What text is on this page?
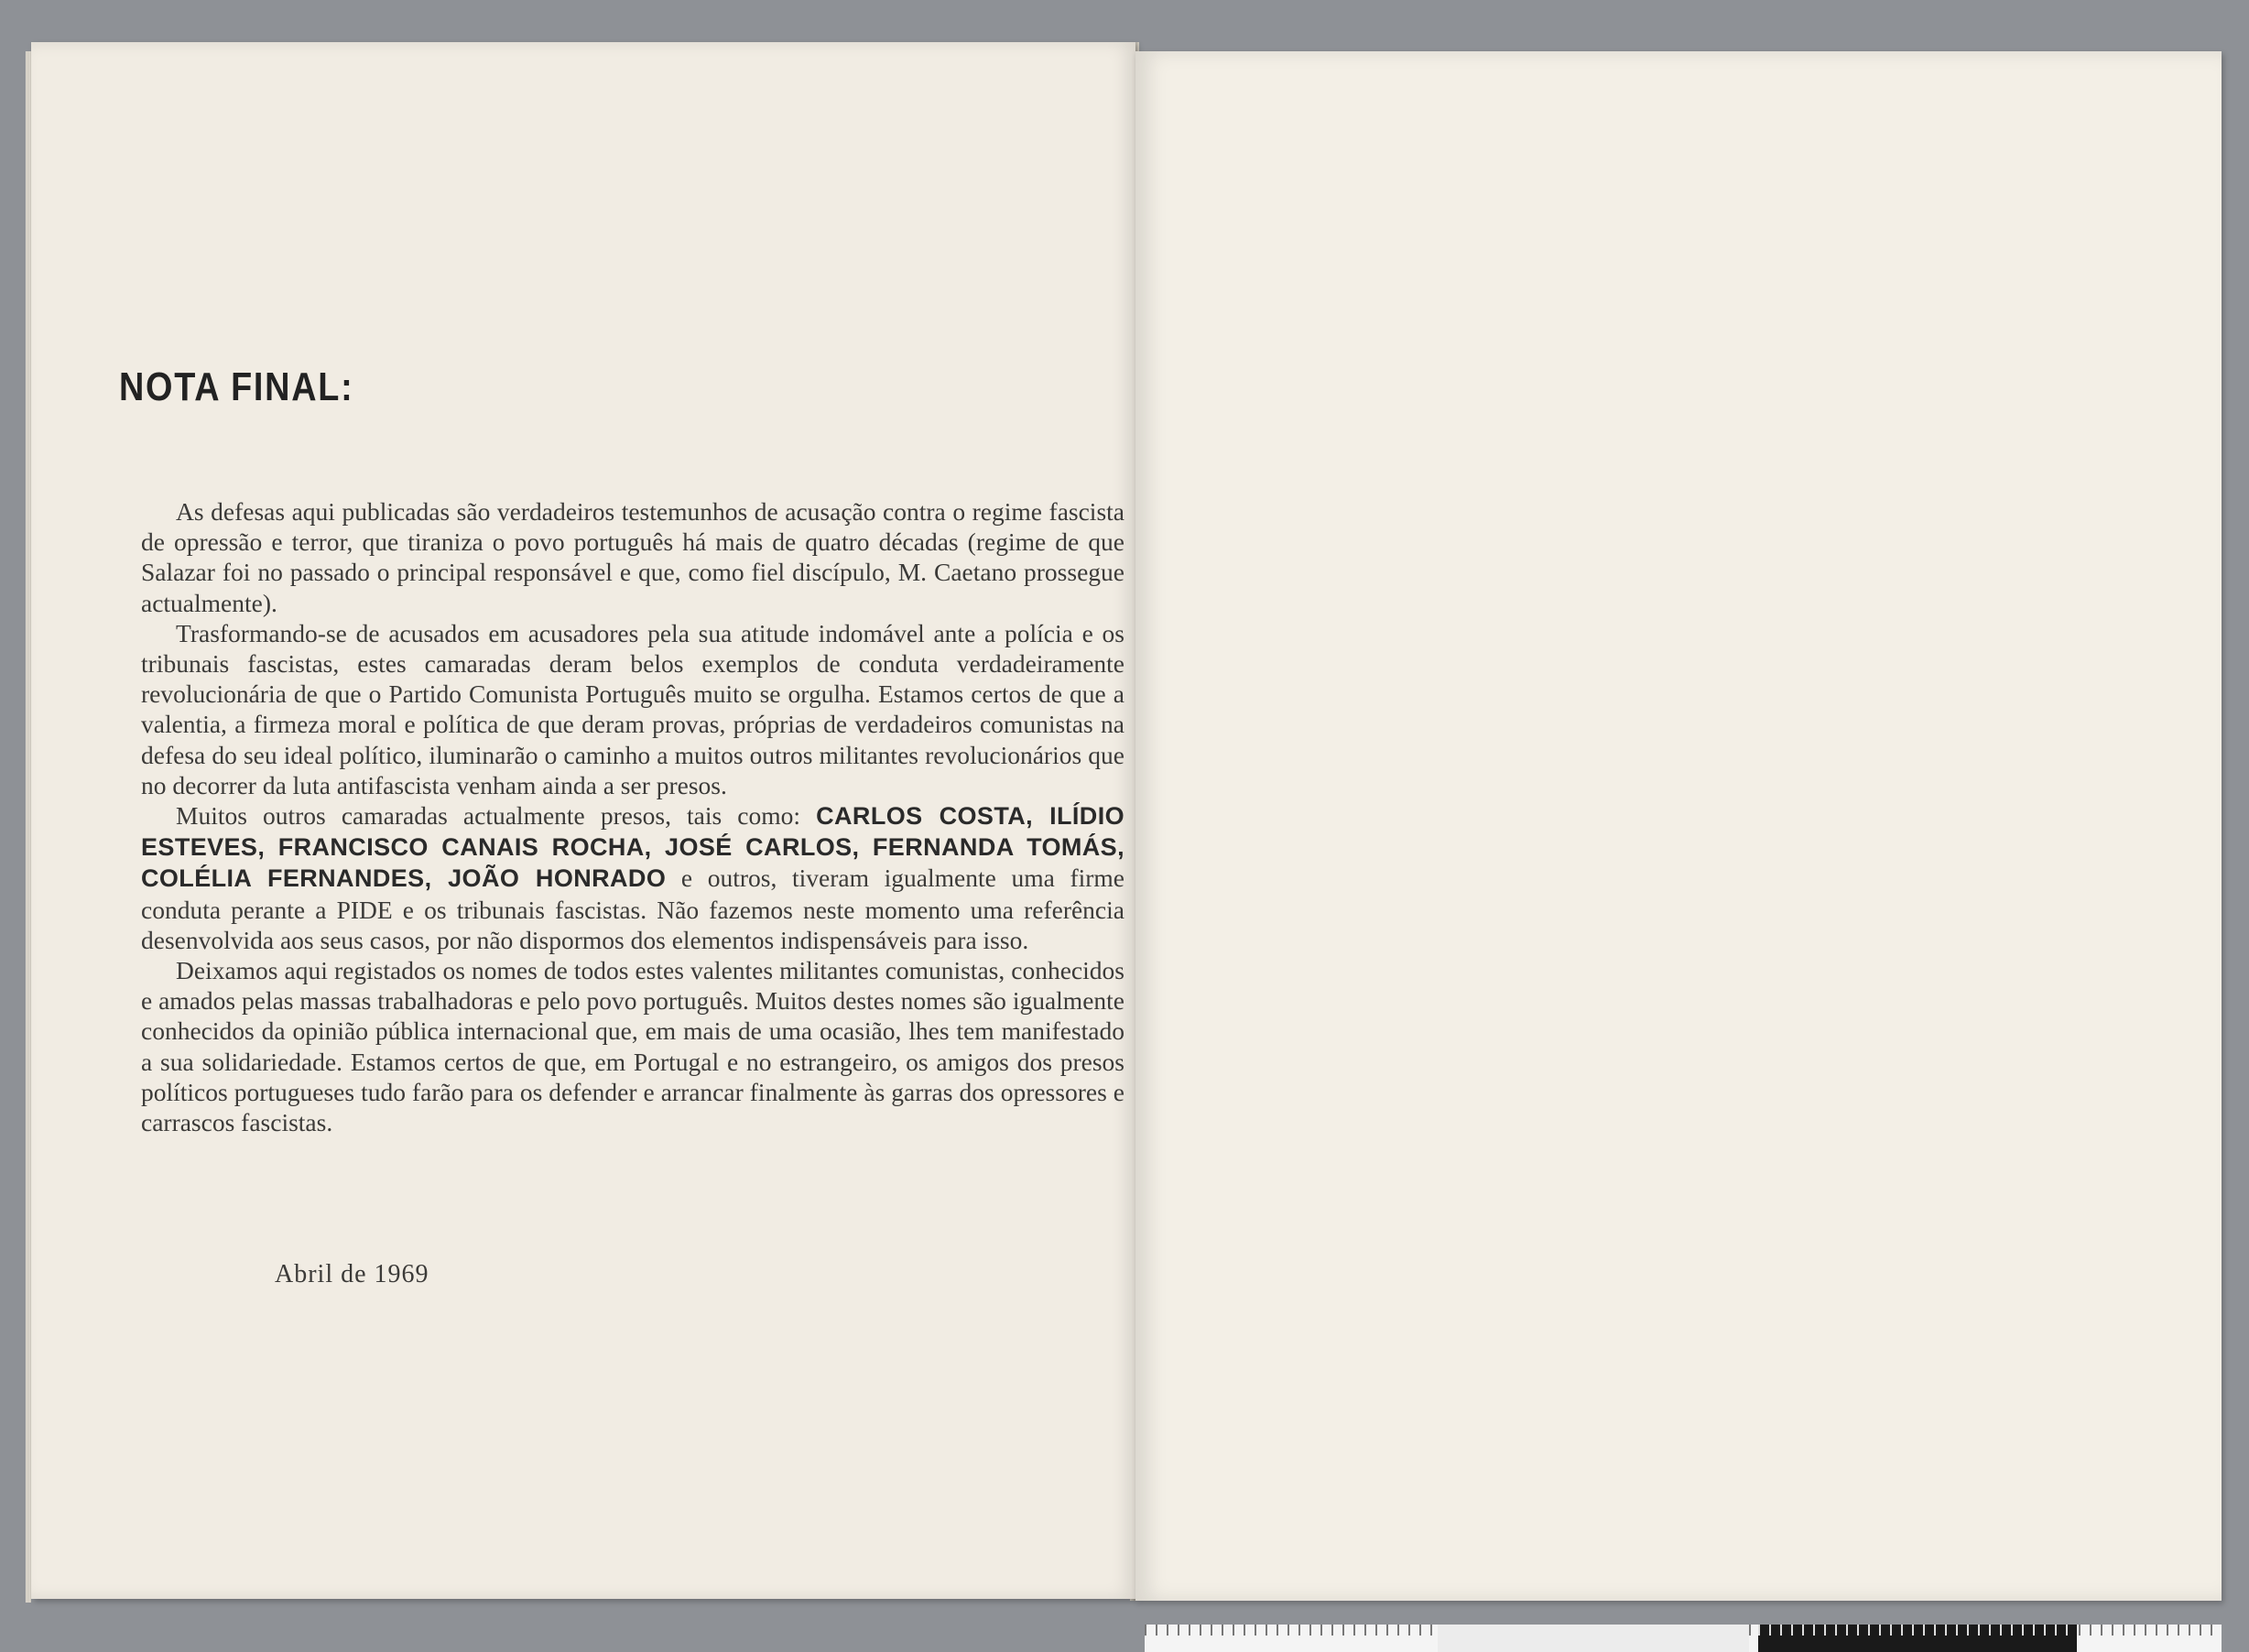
NOTA FINAL:

As defesas aqui publicadas são verdadeiros testemunhos de acusação contra o regime fascista de opressão e terror, que tiraniza o povo português há mais de quatro décadas (regime de que Salazar foi no passado o principal responsável e que, como fiel discípulo, M. Caetano prossegue actualmente).

Trasformando-se de acusados em acusadores pela sua atitude indomável ante a polícia e os tribunais fascistas, estes camaradas deram belos exemplos de conduta verdadeiramente revolucionária de que o Partido Comunista Português muito se orgulha. Estamos certos de que a valentia, a firmeza moral e política de que deram provas, próprias de verdadeiros comunistas na defesa do seu ideal político, iluminarão o caminho a muitos outros militantes revolucionários que no decorrer da luta antifascista venham ainda a ser presos.

Muitos outros camaradas actualmente presos, tais como: CARLOS COSTA, ILÍDIO ESTEVES, FRANCISCO CANAIS ROCHA, JOSÉ CARLOS, FERNANDA TOMÁS, COLÉLIA FERNANDES, JOÃO HONRADO e outros, tiveram igualmente uma firme conduta perante a PIDE e os tribunais fascistas. Não fazemos neste momento uma referência desenvolvida aos seus casos, por não dispormos dos elementos indispensáveis para isso.

Deixamos aqui registados os nomes de todos estes valentes militantes comunistas, conhecidos e amados pelas massas trabalhadoras e pelo povo português. Muitos destes nomes são igualmente conhecidos da opinião pública internacional que, em mais de uma ocasião, lhes tem manifestado a sua solidariedade. Estamos certos de que, em Portugal e no estrangeiro, os amigos dos presos políticos portugueses tudo farão para os defender e arrancar finalmente às garras dos opressores e carrascos fascistas.

Abril de 1969
